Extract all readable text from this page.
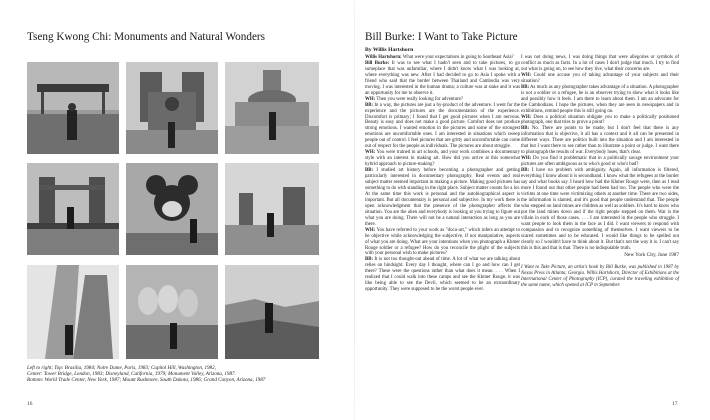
Tseng Kwong Chi: Monuments and Natural Wonders
Left to right; Top: Brasilia, 1984; Notre Dame, Paris, 1983; Capitol Hill, Washington, 1982,
Center: Tower Bridge, London, 1983; Disneyland, California, 1979; Monument Valley, Arizona, 1987.
Bottom: World Trade Center, New York, 1987; Mount Rushmore, South Dakota, 1986; Grand Canyon, Arizona, 1987
16
Bill Burke: I Want to Take Picture
By Willis Hartshorn

Willis Hartshorn: What were your expectations in going to Southeast Asia?

Bill Burke: It was to see what I hadn't seen and to take pictures, to go someplace that was unfamiliar, where I didn't know what I was looking at, where everything was new. After I had decided to go to Asia I spoke with a friend who said that the border between Thailand and Cambodia was very moving. I was interested in the human drama; a culture was at stake and it was an opportunity for me to observe it.

WH: Then you were really looking for adventure?

BB: In a way, the pictures are just a by-product of the adventure. I went for the experience and the pictures are the documentation of the experience. Discomfort is primary; I found that I get good pictures when I am nervous. Beauty is easy and does not make a good picture. Comfort does not produce strong emotions. I wanted emotion in the pictures and some of the strongest emotions are uncomfortable ones. I am interested in situations which sweep people out of control. I feel pictures that are gritty and uncomfortable can come out of respect for the people as individuals. The pictures are about struggle.

WH: You were trained in art schools, and your work combines a documentary style with an interest in making art. How did you arrive at this somewhat hybrid approach to picture-making?

BB: I studied art history before becoming a photographer and getting particularly interested in documentary photography. Real events and real subject matter seemed important in making a picture. Making good pictures has something to do with standing in the right place. Subject matter counts for a lot. At the same time this work is personal and the autobiographical aspect is important. But all documentary is personal and subjective. In my work there is open acknowledgment that the presence of the photographer affects the situation. You are the alien and everybody is looking at you trying to figure out what you are doing. There will not be a natural interaction as long as you are there.

WH: You have referred to your work as "docu-art," which infers an attempt to be objective while acknowledging the subjective, if not manipulative, aspects of what you are doing. What are your intentions when you photograph a Khmer Rouge soldier or a refugee? How do you reconcile the plight of the subjects with your personal wish to make pictures?

BB: It is not too thought-out ahead of time. A lot of what we are talking about relies on hindsight. Every day I thought, where can I go and how can I get there? These were the questions rather than what does it mean. . . . When I realized that I could walk into these camps and see the Khmer Rouge, it was like being able to see the Devil, which seemed to be an extraordinary opportunity. They were supposed to be the worst people ever.

I was not doing news, I was doing things that were allegories or symbols of conflict as much as facts. In a lot of cases I don't judge that much. I try to find out what is going on, to see how they live, what their concerns are.

WH: Could one accuse you of taking advantage of your subjects and their situation?

BB: As much as any photographer takes advantage of a situation. A photographer is not a soldier or a refugee, he is an observer trying to show what it looks like and possibly how it feels. I am there to learn about them. I am an advocate for the Cambodians. I hope the pictures, when they are seen in newspapers and in exhibitions, remind people this is still going on.

WH: Does a political situation obligate you to make a politically positioned photograph, one that tries to prove a point?

BB: No. There are points to be made, but I don't feel that there is any information that is objective, it all has a context and it all can be presented in different ways. There are politics built into the situation and I am interested in that but I want there to see rather than to illustrate a point or judge. I want there to photograph the results of war. Everybody loses, that's clear.

WH: Do you find it problematic that in a politically savage environment your pictures are often ambiguous as to who's good or who's bad?

BB: I have no problem with ambiguity. Again, all information is filtered, everything I know about it is secondhand. I know what the refugees at the border say and what books say. I heard how bad the Khmer Rouge were, then as I read more I found out that other people had been bad too. The people who were the victims at one time were victimizing others at another time. There are two sides, the information is slanted, and it's good that people understand that. The people who stepped on land mines are children as well as soldiers. It's hard to know who put the land mines down and if the right people stepped on them. War is the villain in each of those cases. . . . I am interested in the people who struggle. I want people to look them in the face as I did. I want viewers to respond with compassion and to recognize something of themselves. I want viewers to be scared sometimes and to be educated. I would like things to be spelled out clearly so I wouldn't have to think about it. But that's not the way it is. I can't say this is this and that is that. There is no indisputable truth.

New York City, June 1987

I Want to Take Picture, an artist's book by Bill Burke, was published in 1987 by Nexus Press in Atlanta, Georgia. Willis Hartshorn, Director of Exhibitions at the International Center of Photography (ICP), curated the traveling exhibition of the same name, which opened at ICP in September.

17
